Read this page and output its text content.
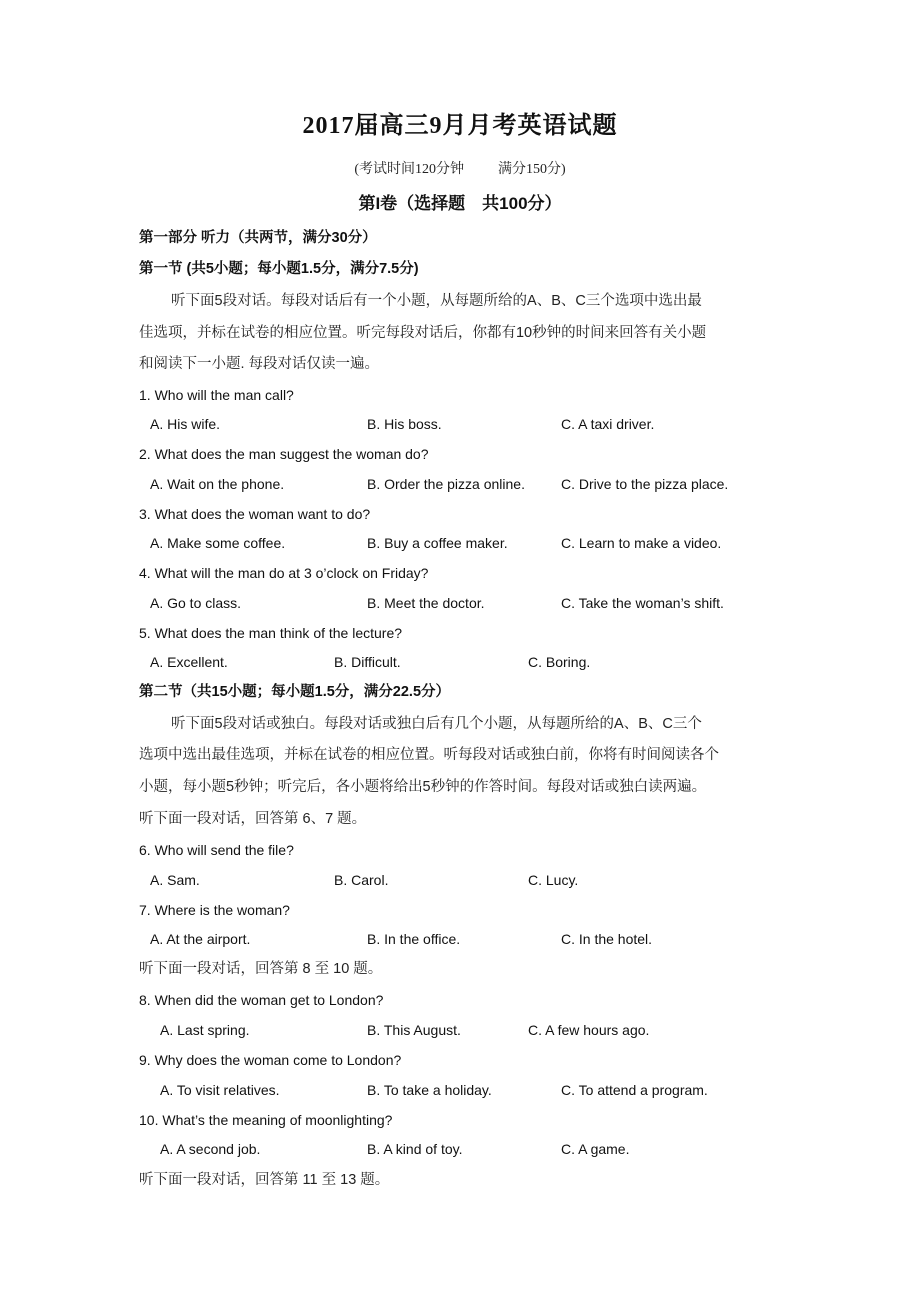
2017届高三9月月考英语试题
(考试时间120分钟 满分150分)
第I卷（选择题　共100分）
第一部分 听力（共两节，满分30分）
第一节 (共5小题；每小题1.5分，满分7.5分)
听下面5段对话。每段对话后有一个小题，从每题所给的A、B、C三个选项中选出最
佳选项，并标在试卷的相应位置。听完每段对话后，你都有10秒钟的时间来回答有关小题
和阅读下一小题. 每段对话仅读一遍。
1. Who will the man call?
A. His wife.	B. His boss.	C. A taxi driver.
2. What does the man suggest the woman do?
A. Wait on the phone.	B. Order the pizza online.	C. Drive to the pizza place.
3. What does the woman want to do?
A. Make some coffee.	B. Buy a coffee maker.	C. Learn to make a video.
4. What will the man do at 3 o’clock on Friday?
A. Go to class.	B. Meet the doctor.	C. Take the woman’s shift.
5. What does the man think of the lecture?
A. Excellent.	B. Difficult.	C. Boring.
第二节（共15小题；每小题1.5分，满分22.5分）
听下面5段对话或独白。每段对话或独白后有几个小题，从每题所给的A、B、C三个
选项中选出最佳选项，并标在试卷的相应位置。听每段对话或独白前，你将有时间阅读各个
小题，每小题5秒钟；听完后，各小题将给出5秒钟的作答时间。每段对话或独白读两遍。
听下面一段对话，回答第 6、7 题。
6. Who will send the file?
A. Sam.	B. Carol.	C. Lucy.
7. Where is the woman?
A. At the airport.	B. In the office.	C. In the hotel.
听下面一段对话，回答第 8 至 10 题。
8. When did the woman get to London?
A. Last spring.	B. This August.	C. A few hours ago.
9. Why does the woman come to London?
A. To visit relatives.	B. To take a holiday.	C. To attend a program.
10. What’s the meaning of moonlighting?
A. A second job.	B. A kind of toy.	C. A game.
听下面一段对话，回答第 11 至 13 题。
